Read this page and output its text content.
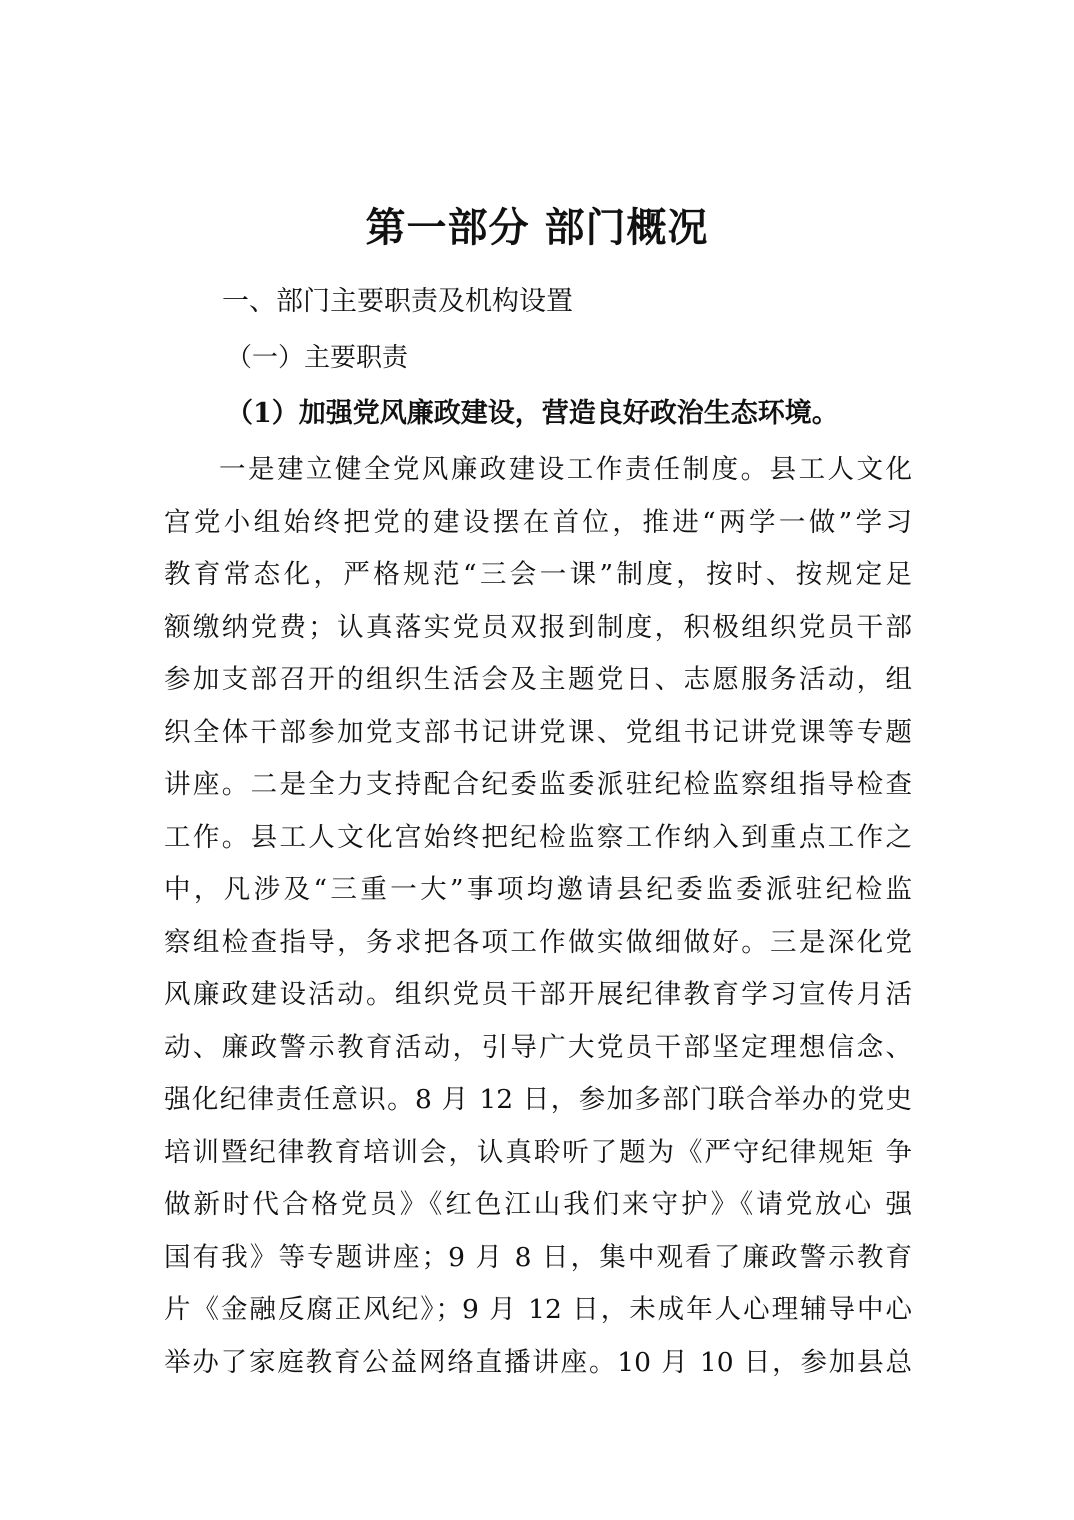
第一部分 部门概况
一、部门主要职责及机构设置
（一）主要职责
（1）加强党风廉政建设，营造良好政治生态环境。
一是建立健全党风廉政建设工作责任制度。县工人文化
宫党小组始终把党的建设摆在首位，推进“两学一做”学习
教育常态化，严格规范“三会一课”制度，按时、按规定足
额缴纳党费；认真落实党员双报到制度，积极组织党员干部
参加支部召开的组织生活会及主题党日、志愿服务活动，组
织全体干部参加党支部书记讲党课、党组书记讲党课等专题
讲座。二是全力支持配合纪委监委派驻纪检监察组指导检查
工作。县工人文化宫始终把纪检监察工作纳入到重点工作之
中，凡涉及“三重一大”事项均邀请县纪委监委派驻纪检监
察组检查指导，务求把各项工作做实做细做好。三是深化党
风廉政建设活动。组织党员干部开展纪律教育学习宣传月活
动、廉政警示教育活动，引导广大党员干部坚定理想信念、
强化纪律责任意识。8 月 12 日，参加多部门联合举办的党史
培训暨纪律教育培训会，认真聆听了题为《严守纪律规矩 争
做新时代合格党员》《红色江山我们来守护》《请党放心 强
国有我》等专题讲座；9 月 8 日，集中观看了廉政警示教育
片《金融反腐正风纪》；9 月 12 日，未成年人心理辅导中心
举办了家庭教育公益网络直播讲座。10 月 10 日，参加县总
